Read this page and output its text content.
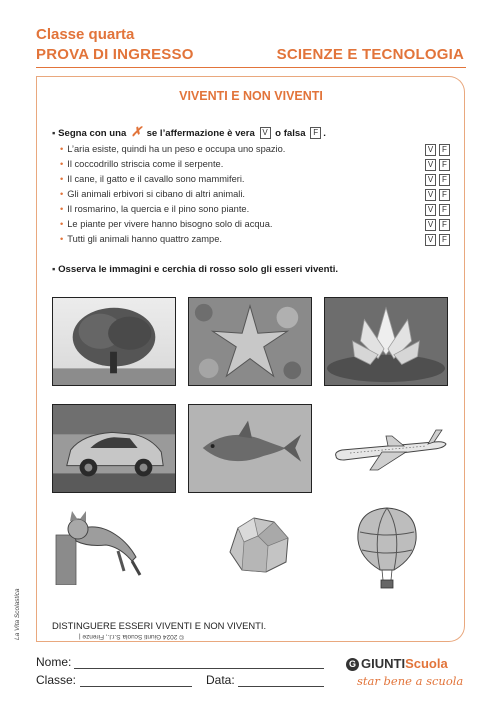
Classe quarta
PROVA DI INGRESSO	SCIENZE E TECNOLOGIA
VIVENTI E NON VIVENTI
▪ Segna con una ✗ se l’affermazione è vera V o falsa F .
• L’aria esiste, quindi ha un peso e occupa uno spazio.	V F
• Il coccodrillo striscia come il serpente.	V F
• Il cane, il gatto e il cavallo sono mammiferi.	V F
• Gli animali erbivori si cibano di altri animali.	V F
• Il rosmarino, la quercia e il pino sono piante.	V F
• Le piante per vivere hanno bisogno solo di acqua.	V F
• Tutti gli animali hanno quattro zampe.	V F
▪ Osserva le immagini e cerchia di rosso solo gli esseri viventi.
DISTINGUERE ESSERI VIVENTI E NON VIVENTI.
© 2024 Giunti Scuola S.r.l., Firenze |
La Vita Scolastica
Nome:
Classe:	Data:
G GIUNTIScuola
star bene a scuola
